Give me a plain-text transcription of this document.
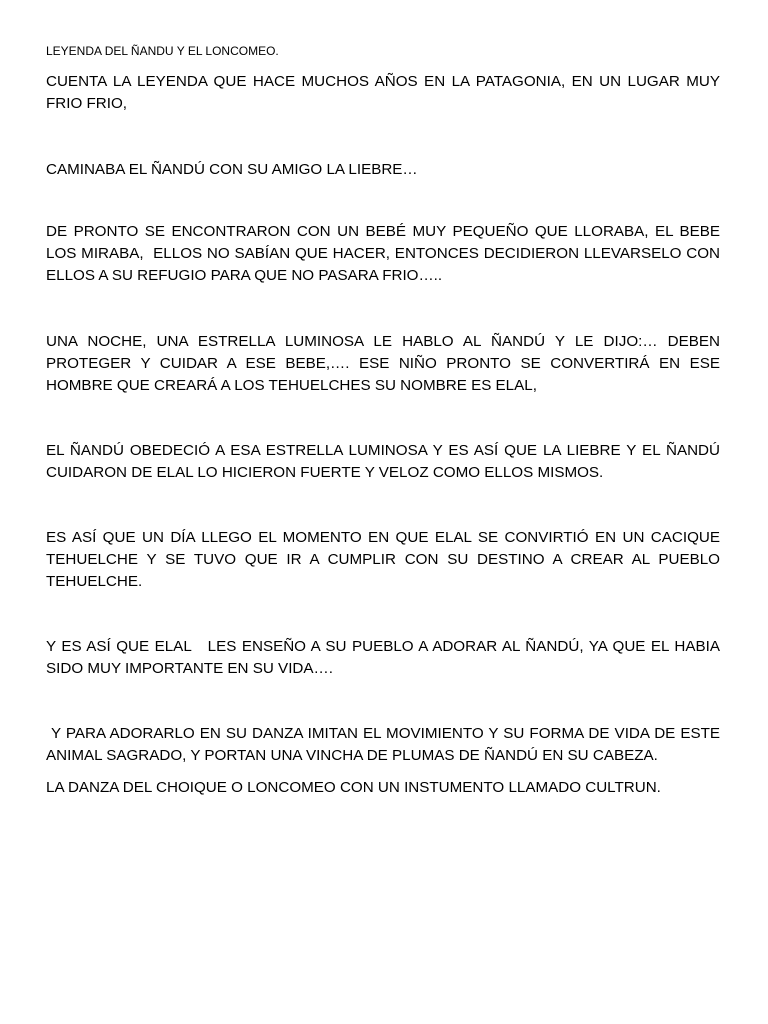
LEYENDA DEL ÑANDU Y EL LONCOMEO.

CUENTA LA LEYENDA QUE HACE MUCHOS AÑOS EN LA PATAGONIA, EN UN LUGAR MUY FRIO FRIO,

CAMINABA EL ÑANDÚ CON SU AMIGO LA LIEBRE…

DE PRONTO SE ENCONTRARON CON UN BEBÉ MUY PEQUEÑO QUE LLORABA, EL BEBE LOS MIRABA,  ELLOS NO SABÍAN QUE HACER, ENTONCES DECIDIERON LLEVARSELO CON ELLOS A SU REFUGIO PARA QUE NO PASARA FRIO…..

UNA NOCHE, UNA ESTRELLA LUMINOSA LE HABLO AL ÑANDÚ Y LE DIJO:… DEBEN PROTEGER Y CUIDAR A ESE BEBE,…. ESE NIÑO PRONTO SE CONVERTIRÁ EN ESE HOMBRE QUE CREARÁ A LOS TEHUELCHES SU NOMBRE ES ELAL,

EL ÑANDÚ OBEDECIÓ A ESA ESTRELLA LUMINOSA Y ES ASÍ QUE LA LIEBRE Y EL ÑANDÚ CUIDARON DE ELAL LO HICIERON FUERTE Y VELOZ COMO ELLOS MISMOS.

ES ASÍ QUE UN DÍA LLEGO EL MOMENTO EN QUE ELAL SE CONVIRTIÓ EN UN CACIQUE TEHUELCHE Y SE TUVO QUE IR A CUMPLIR CON SU DESTINO A CREAR AL PUEBLO TEHUELCHE.

Y ES ASÍ QUE ELAL   LES ENSEÑO A SU PUEBLO A ADORAR AL ÑANDÚ, YA QUE EL HABIA SIDO MUY IMPORTANTE EN SU VIDA….

Y PARA ADORARLO EN SU DANZA IMITAN EL MOVIMIENTO Y SU FORMA DE VIDA DE ESTE ANIMAL SAGRADO, Y PORTAN UNA VINCHA DE PLUMAS DE ÑANDÚ EN SU CABEZA.

LA DANZA DEL CHOIQUE O LONCOMEO CON UN INSTUMENTO LLAMADO CULTRUN.
